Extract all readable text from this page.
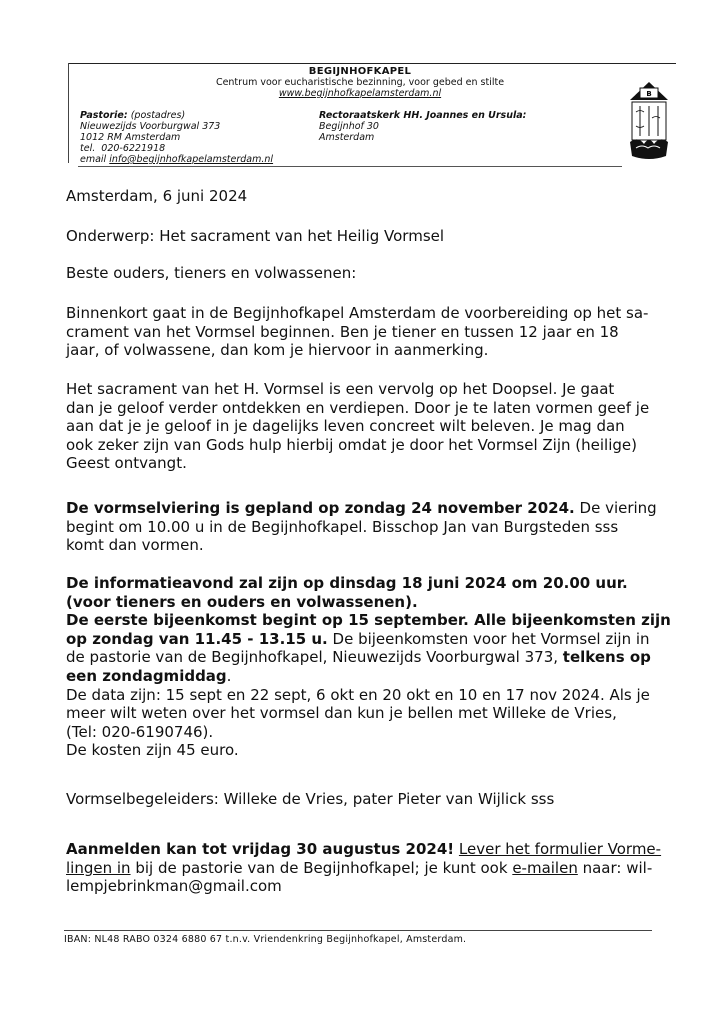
BEGIJNHOFKAPEL
Centrum voor eucharistische bezinning, voor gebed en stilte
www.begijnhofkapelamsterdam.nl
Pastorie: (postadres)
Nieuwezijds Voorburgwal 373
1012 RM Amsterdam
tel. 020-6221918
email info@begijnhofkapelamsterdam.nl
Rectoraatskerk HH. Joannes en Ursula:
Begijnhof 30
Amsterdam
B
Amsterdam, 6 juni 2024
Onderwerp: Het sacrament van het Heilig Vormsel
Beste ouders, tieners en volwassenen:
Binnenkort gaat in de Begijnhofkapel Amsterdam de voorbereiding op het sa-
crament van het Vormsel beginnen. Ben je tiener en tussen 12 jaar en 18
jaar, of volwassene, dan kom je hiervoor in aanmerking.
Het sacrament van het H. Vormsel is een vervolg op het Doopsel. Je gaat
dan je geloof verder ontdekken en verdiepen. Door je te laten vormen geef je
aan dat je je geloof in je dagelijks leven concreet wilt beleven. Je mag dan
ook zeker zijn van Gods hulp hierbij omdat je door het Vormsel Zijn (heilige)
Geest ontvangt.
De vormselviering is gepland op zondag 24 november 2024. De viering
begint om 10.00 u in de Begijnhofkapel. Bisschop Jan van Burgsteden sss
komt dan vormen.
De informatieavond zal zijn op dinsdag 18 juni 2024 om 20.00 uur.
(voor tieners en ouders en volwassenen).
De eerste bijeenkomst begint op 15 september. Alle bijeenkomsten zijn
op zondag van 11.45 - 13.15 u. De bijeenkomsten voor het Vormsel zijn in
de pastorie van de Begijnhofkapel, Nieuwezijds Voorburgwal 373, telkens op
een zondagmiddag.
De data zijn: 15 sept en 22 sept, 6 okt en 20 okt en 10 en 17 nov 2024. Als je
meer wilt weten over het vormsel dan kun je bellen met Willeke de Vries,
(Tel: 020-6190746).
De kosten zijn 45 euro.
Vormselbegeleiders: Willeke de Vries, pater Pieter van Wijlick sss
Aanmelden kan tot vrijdag 30 augustus 2024! Lever het formulier Vorme-
lingen in bij de pastorie van de Begijnhofkapel; je kunt ook e-mailen naar: wil-
lempjebrinkman@gmail.com
IBAN: NL48 RABO 0324 6880 67 t.n.v. Vriendenkring Begijnhofkapel, Amsterdam.
